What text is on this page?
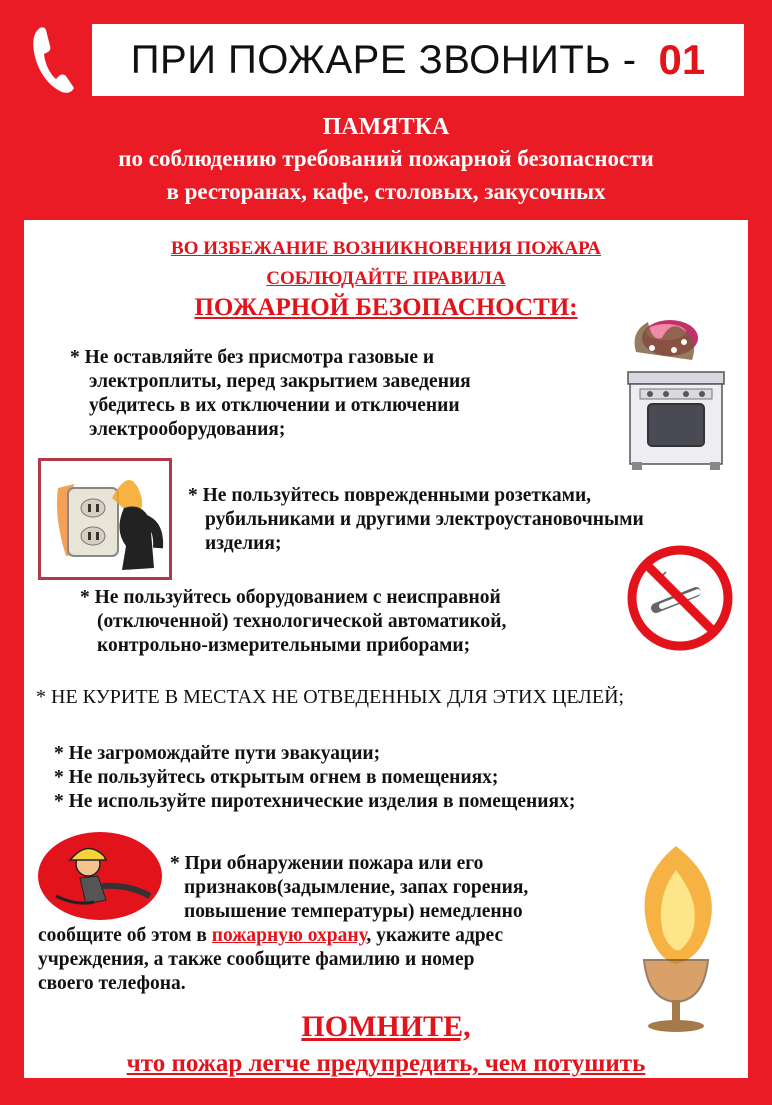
ПРИ ПОЖАРЕ ЗВОНИТЬ - 01
ПАМЯТКА
по соблюдению требований пожарной безопасности
в ресторанах, кафе, столовых, закусочных
ВО ИЗБЕЖАНИЕ ВОЗНИКНОВЕНИЯ ПОЖАРА
СОБЛЮДАЙТЕ ПРАВИЛА
ПОЖАРНОЙ БЕЗОПАСНОСТИ:
* Не оставляйте без присмотра газовые и
электроплиты, перед закрытием заведения
убедитесь в их отключении и отключении
электрооборудования;
* Не пользуйтесь поврежденными розетками,
рубильниками и другими электроустановочными
изделия;
* Не пользуйтесь оборудованием с неисправной
(отключенной) технологической автоматикой,
контрольно-измерительными приборами;
* НЕ КУРИТЕ В МЕСТАХ НЕ ОТВЕДЕННЫХ ДЛЯ ЭТИХ ЦЕЛЕЙ;
* Не загромождайте пути эвакуации;
* Не пользуйтесь открытым огнем в помещениях;
* Не используйте пиротехнические изделия в помещениях;
* При обнаружении пожара или его
признаков(задымление, запах горения,
повышение температуры) немедленно
сообщите об этом в пожарную охрану, укажите адрес
учреждения, а также сообщите фамилию и номер
своего телефона.
ПОМНИТЕ,
что пожар легче предупредить, чем потушить
